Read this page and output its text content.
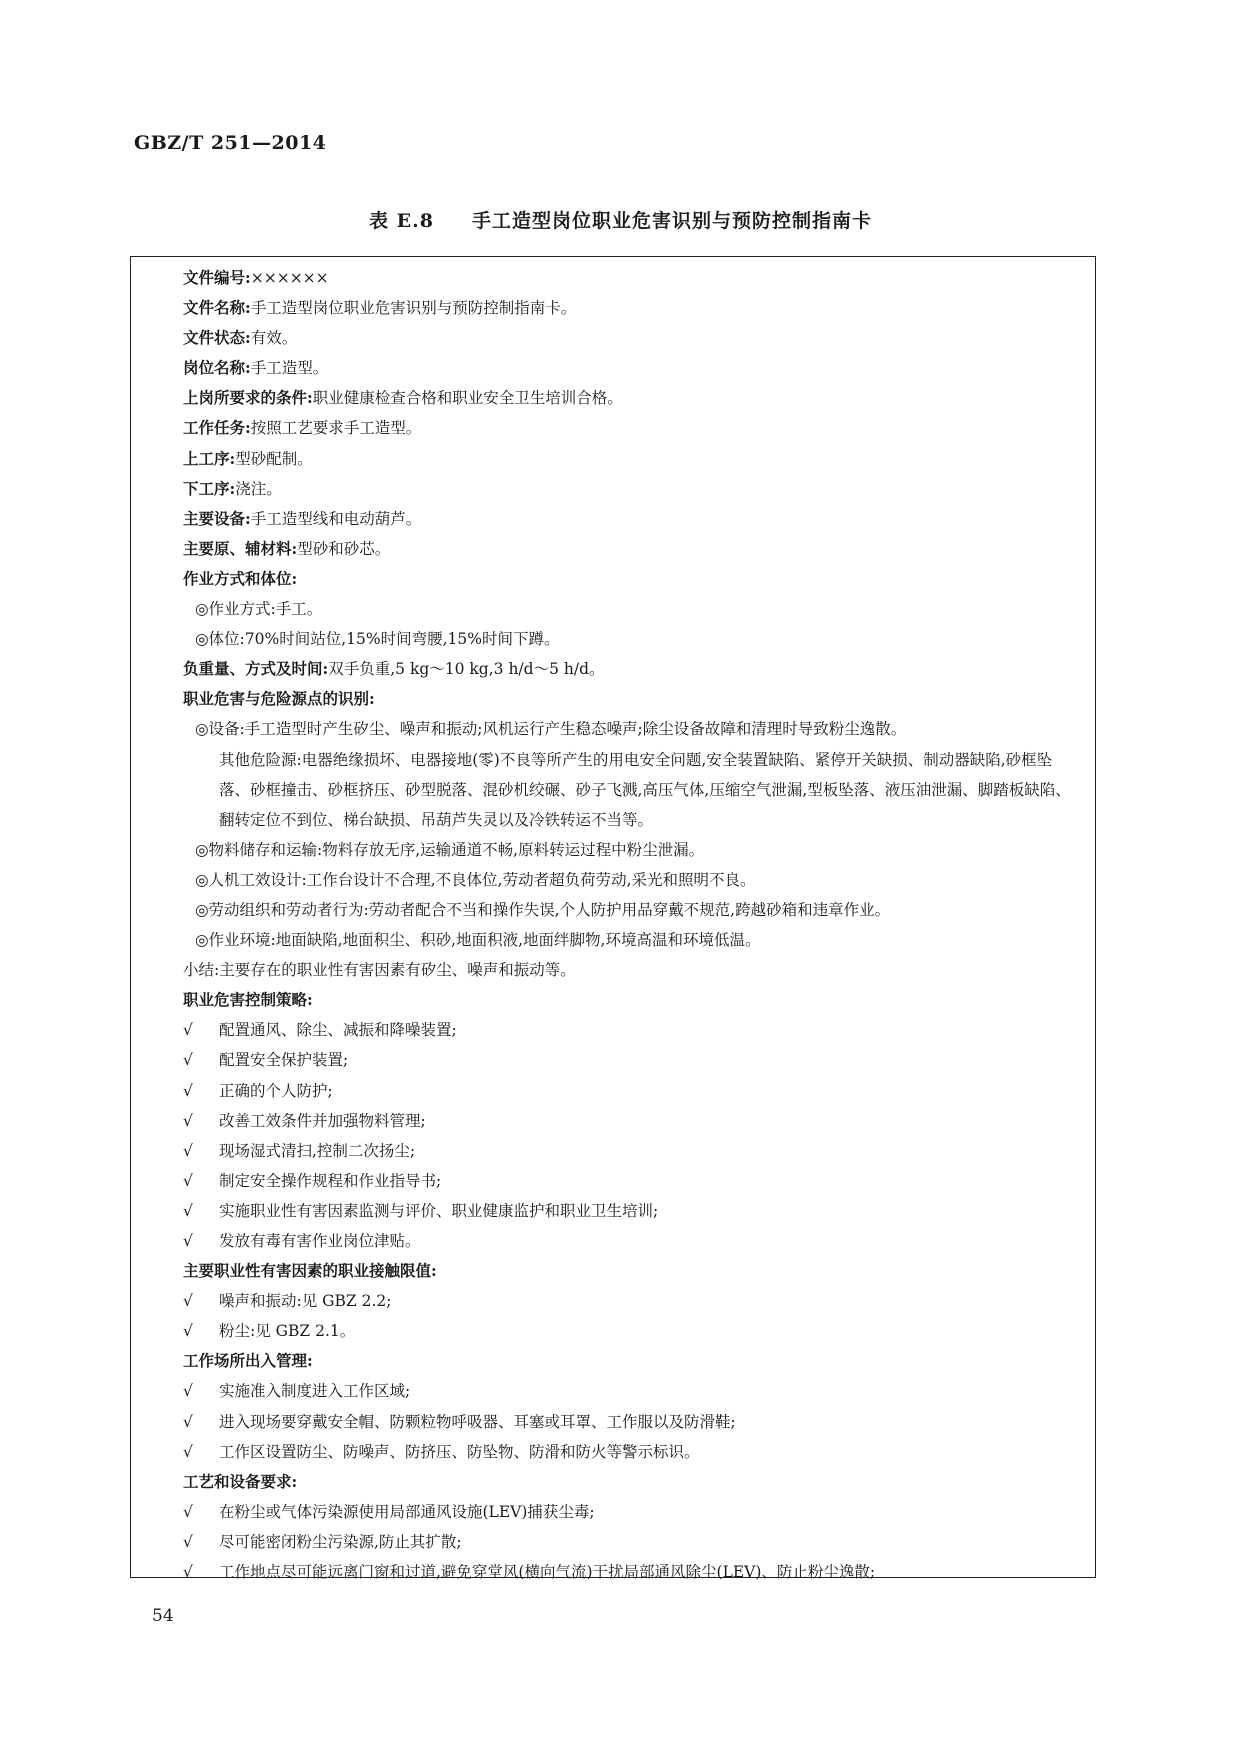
GBZ/T 251—2014
表 E.8 手工造型岗位职业危害识别与预防控制指南卡
文件编号:××××××
文件名称:手工造型岗位职业危害识别与预防控制指南卡。
文件状态:有效。
岗位名称:手工造型。
上岗所要求的条件:职业健康检查合格和职业安全卫生培训合格。
工作任务:按照工艺要求手工造型。
上工序:型砂配制。
下工序:浇注。
主要设备:手工造型线和电动葫芦。
主要原、辅材料:型砂和砂芯。
作业方式和体位:
◎作业方式:手工。
◎体位:70%时间站位,15%时间弯腰,15%时间下蹲。
负重量、方式及时间:双手负重,5 kg～10 kg,3 h/d～5 h/d。
职业危害与危险源点的识别:
◎设备:手工造型时产生矽尘、噪声和振动;风机运行产生稳态噪声;除尘设备故障和清理时导致粉尘逸散。
其他危险源:电器绝缘损坏、电器接地(零)不良等所产生的用电安全问题,安全装置缺陷、紧停开关缺损、制动器缺陷,砂框坠落、砂框撞击、砂框挤压、砂型脱落、混砂机绞碾、砂子飞溅,高压气体,压缩空气泄漏,型板坠落、液压油泄漏、脚踏板缺陷、翻转定位不到位、梯台缺损、吊葫芦失灵以及冷铁转运不当等。
◎物料储存和运输:物料存放无序,运输通道不畅,原料转运过程中粉尘泄漏。
◎人机工效设计:工作台设计不合理,不良体位,劳动者超负荷劳动,采光和照明不良。
◎劳动组织和劳动者行为:劳动者配合不当和操作失误,个人防护用品穿戴不规范,跨越砂箱和违章作业。
◎作业环境:地面缺陷,地面积尘、积砂,地面积液,地面绊脚物,环境高温和环境低温。
小结:主要存在的职业性有害因素有矽尘、噪声和振动等。
职业危害控制策略:
√	配置通风、除尘、减振和降噪装置;
√	配置安全保护装置;
√	正确的个人防护;
√	改善工效条件并加强物料管理;
√	现场湿式清扫,控制二次扬尘;
√	制定安全操作规程和作业指导书;
√	实施职业性有害因素监测与评价、职业健康监护和职业卫生培训;
√	发放有毒有害作业岗位津贴。
主要职业性有害因素的职业接触限值:
√	噪声和振动:见 GBZ 2.2;
√	粉尘:见 GBZ 2.1。
工作场所出入管理:
√	实施准入制度进入工作区域;
√	进入现场要穿戴安全帽、防颗粒物呼吸器、耳塞或耳罩、工作服以及防滑鞋;
√	工作区设置防尘、防噪声、防挤压、防坠物、防滑和防火等警示标识。
工艺和设备要求:
√	在粉尘或气体污染源使用局部通风设施(LEV)捕获尘毒;
√	尽可能密闭粉尘污染源,防止其扩散;
√	工作地点尽可能远离门窗和过道,避免穿堂风(横向气流)干扰局部通风除尘(LEV)、防止粉尘逸散;
54
